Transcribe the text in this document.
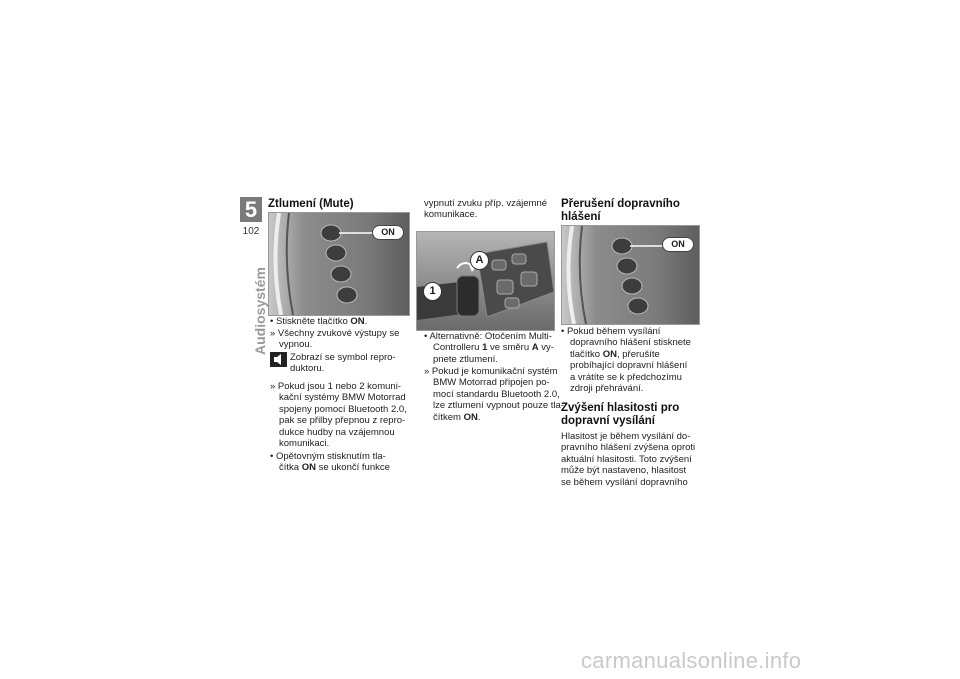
5
102
Audiosystém
Ztlumení (Mute)
ON
• Stiskněte tlačítko ON.
» Všechny zvukové výstupy se
vypnou.
Zobrazí se symbol repro-
duktoru.
» Pokud jsou 1 nebo 2 komuni-
kační systémy BMW Motorrad
spojeny pomocí Bluetooth 2.0,
pak se přilby přepnou z repro-
dukce hudby na vzájemnou
komunikaci.
• Opětovným stisknutím tla-
čítka ON se ukončí funkce
vypnutí zvuku příp. vzájemné
komunikace.
A
1
• Alternativně: Otočením Multi-
Controlleru 1 ve směru A vy-
pnete ztlumení.
» Pokud je komunikační systém
BMW Motorrad připojen po-
mocí standardu Bluetooth 2.0,
lze ztlumení vypnout pouze tla-
čítkem ON.
Přerušení dopravního
hlášení
ON
• Pokud během vysílání
dopravního hlášení stisknete
tlačítko ON, přerušíte
probíhající dopravní hlášení
a vrátíte se k předchozímu
zdroji přehrávání.
Zvýšení hlasitosti pro
dopravní vysílání
Hlasitost je během vysílání do-
pravního hlášení zvýšena oproti
aktuální hlasitosti. Toto zvýšení
může být nastaveno, hlasitost
se během vysílání dopravního
carmanualsonline.info
